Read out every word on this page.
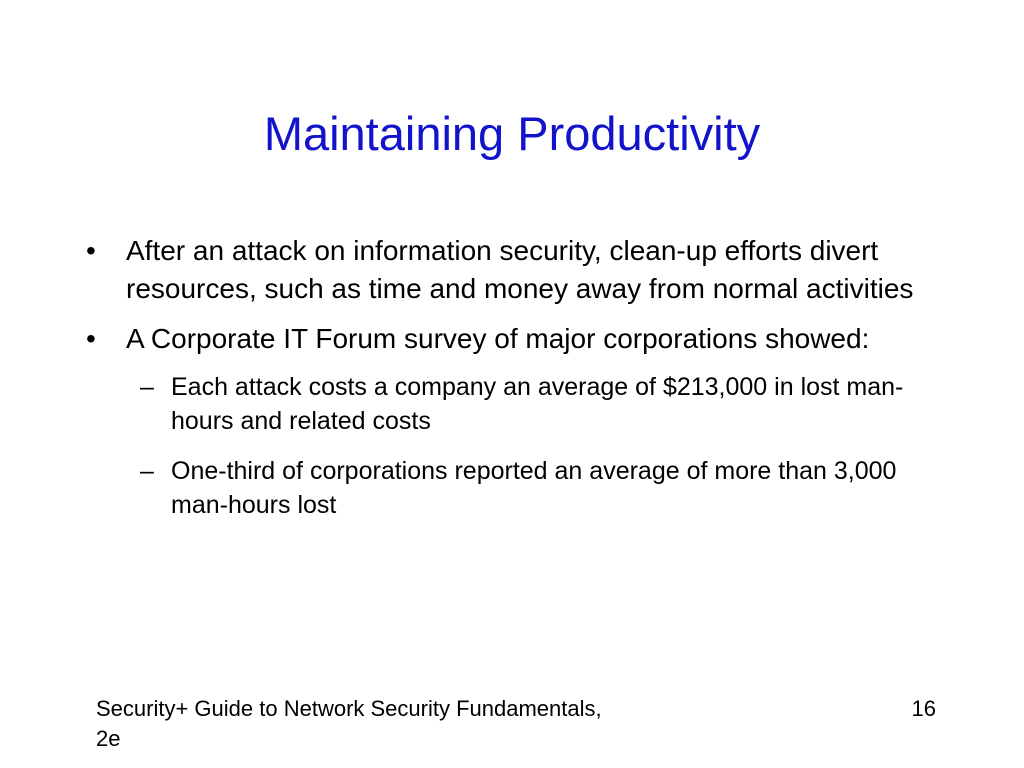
Maintaining Productivity
• After an attack on information security, clean-up efforts divert resources, such as time and money away from normal activities
• A Corporate IT Forum survey of major corporations showed:
– Each attack costs a company an average of $213,000 in lost man-hours and related costs
– One-third of corporations reported an average of more than 3,000 man-hours lost
Security+ Guide to Network Security Fundamentals, 2e
16
